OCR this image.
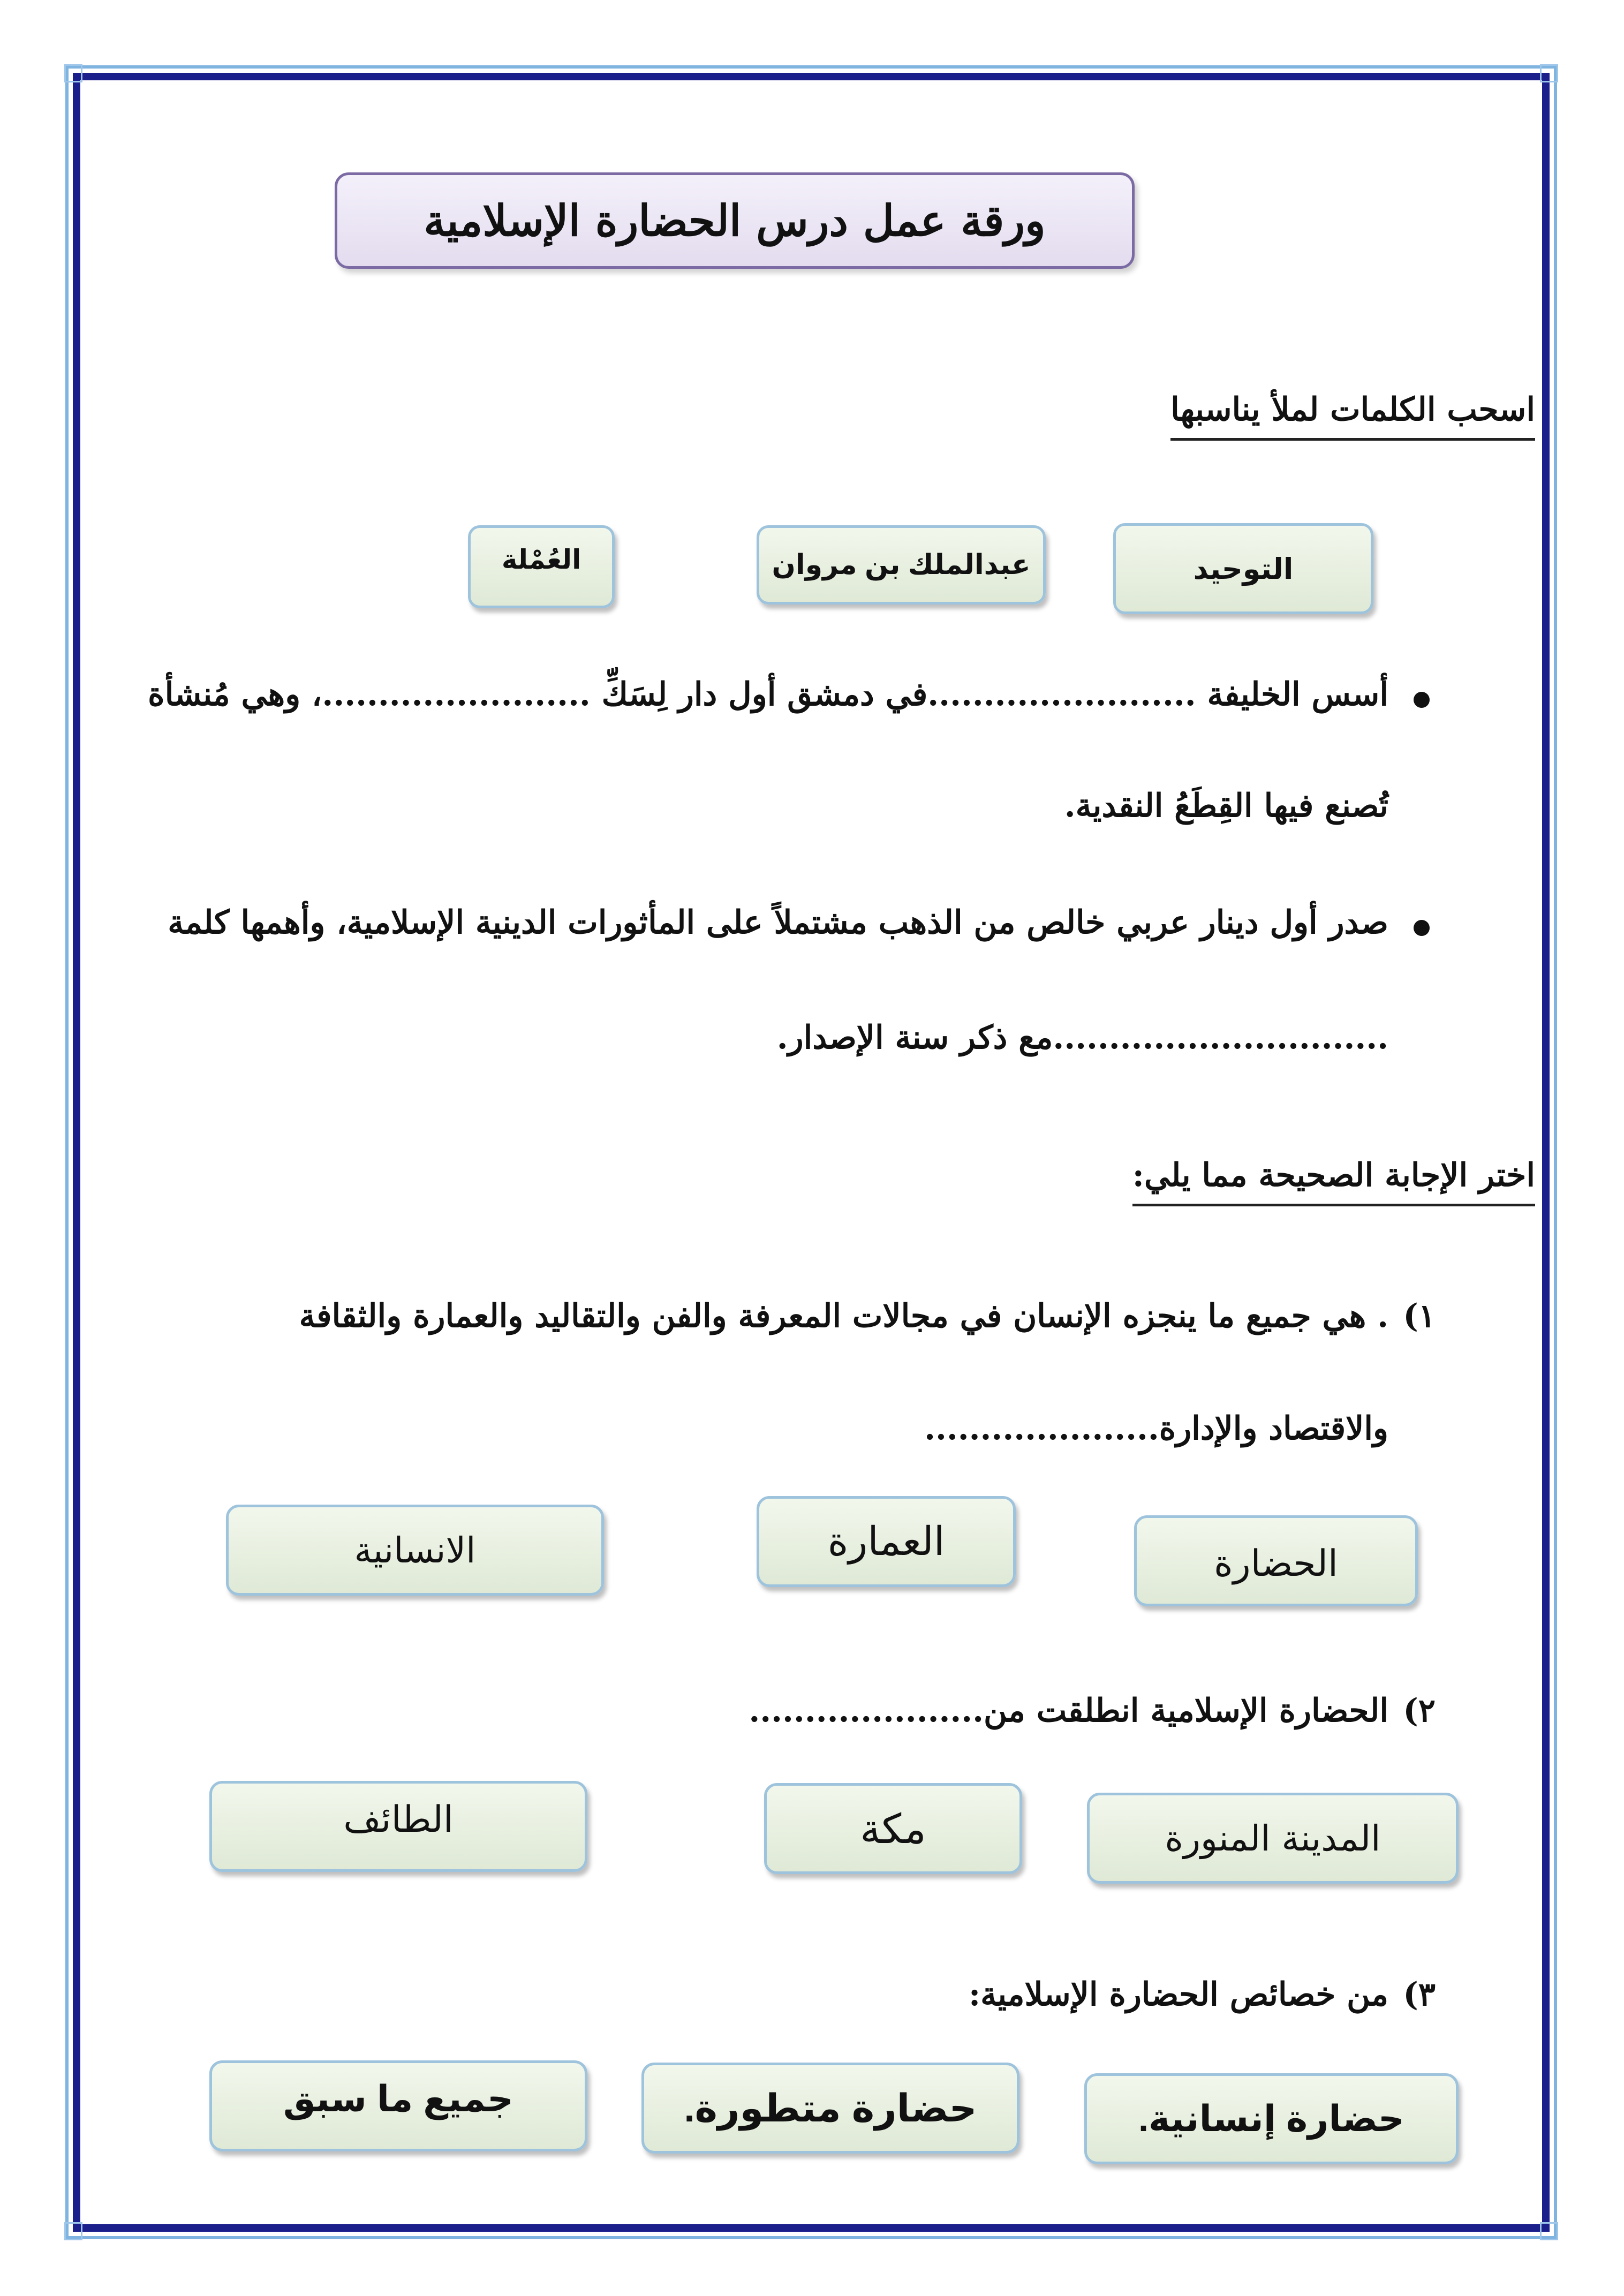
ورقة عمل درس الحضارة الإسلامية
اسحب الكلمات لملأ يناسبها
التوحيد
عبدالملك بن مروان
العُمْلة
أسس الخليفة ........................في دمشق أول دار لِسَكِّ ........................، وهي مُنشأة
تُصنع فيها القِطَعُ النقدية.
صدر أول دينار عربي خالص من الذهب مشتملاً على المأثورات الدينية الإسلامية، وأهمها كلمة
..............................مع ذكر سنة الإصدار.
اختر الإجابة الصحيحة مما يلي:
١)
. هي جميع ما ينجزه الإنسان في مجالات المعرفة والفن والتقاليد والعمارة والثقافة
والاقتصاد والإدارة.....................
الحضارة
العمارة
الانسانية
٢)
الحضارة الإسلامية انطلقت من.....................
المدينة المنورة
مكة
الطائف
٣)
من خصائص الحضارة الإسلامية:
حضارة إنسانية.
حضارة متطورة.
جميع ما سبق
